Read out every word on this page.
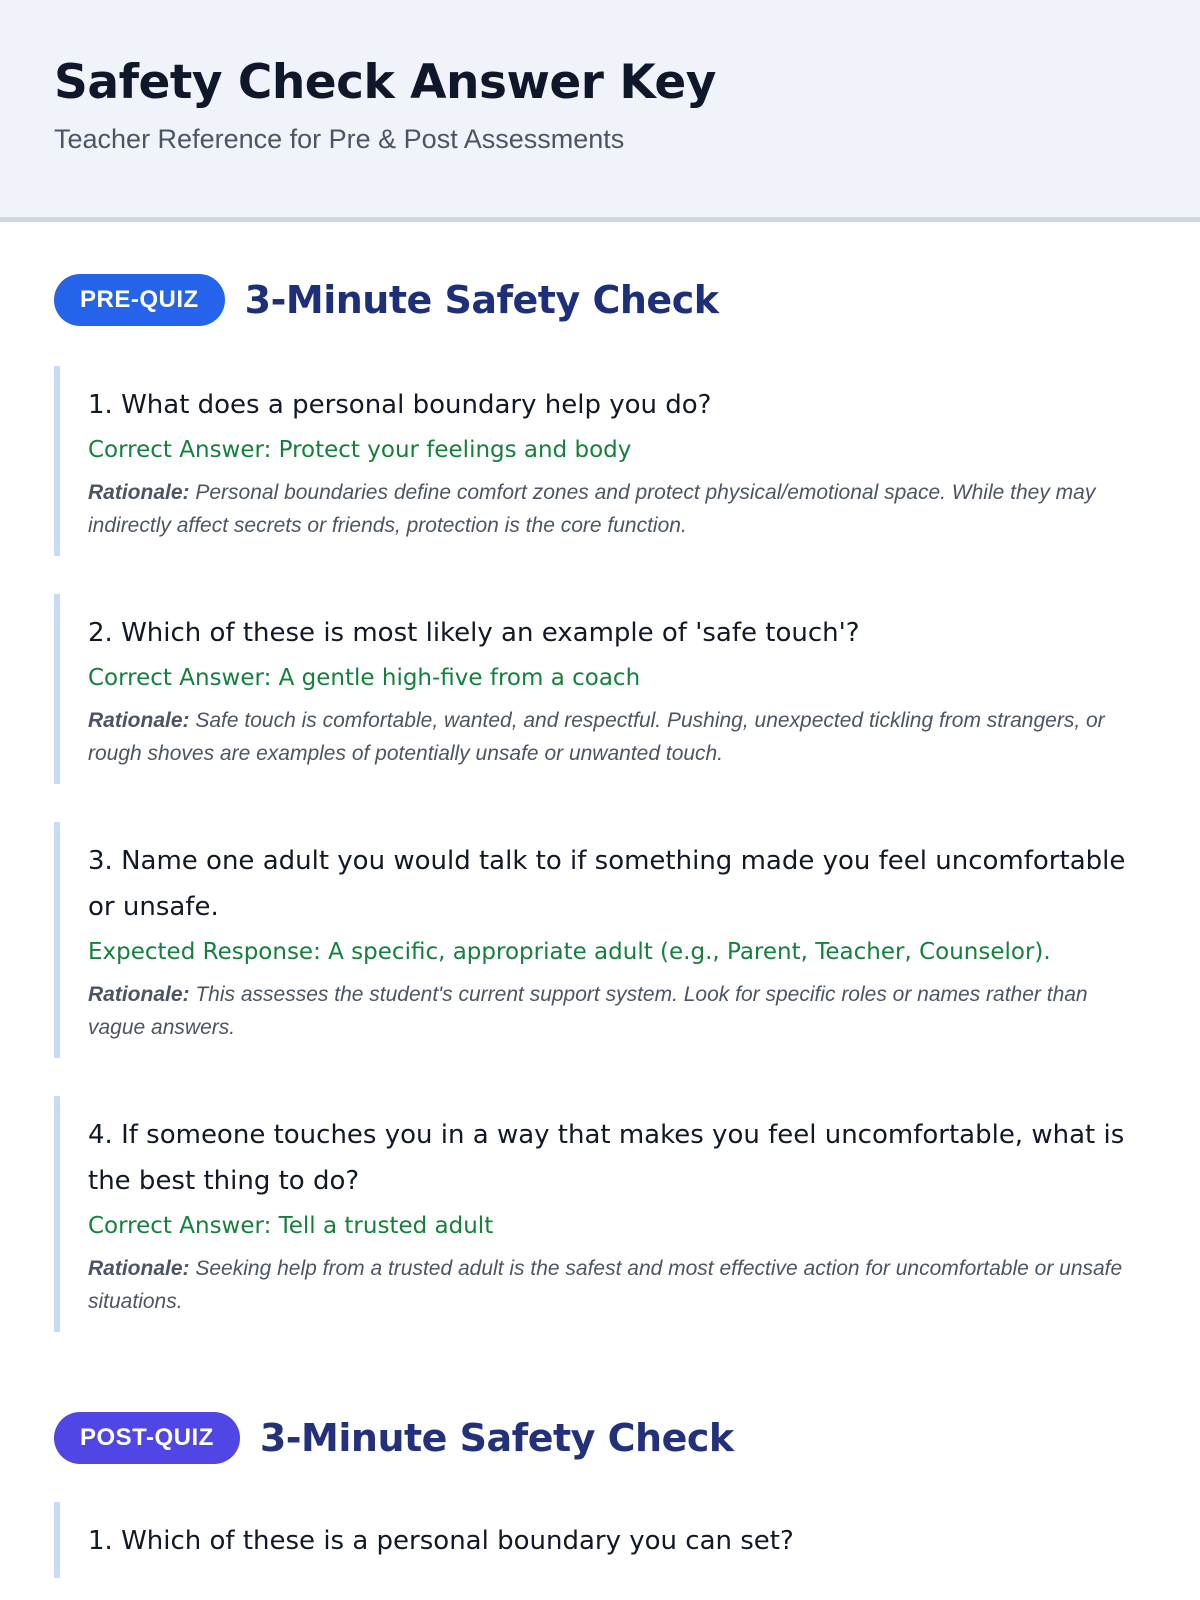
Safety Check Answer Key
Teacher Reference for Pre & Post Assessments
PRE-QUIZ	3-Minute Safety Check
1. What does a personal boundary help you do?
Correct Answer: Protect your feelings and body
Rationale: Personal boundaries define comfort zones and protect physical/emotional space. While they may indirectly affect secrets or friends, protection is the core function.
2. Which of these is most likely an example of 'safe touch'?
Correct Answer: A gentle high-five from a coach
Rationale: Safe touch is comfortable, wanted, and respectful. Pushing, unexpected tickling from strangers, or rough shoves are examples of potentially unsafe or unwanted touch.
3. Name one adult you would talk to if something made you feel uncomfortable or unsafe.
Expected Response: A specific, appropriate adult (e.g., Parent, Teacher, Counselor).
Rationale: This assesses the student's current support system. Look for specific roles or names rather than vague answers.
4. If someone touches you in a way that makes you feel uncomfortable, what is the best thing to do?
Correct Answer: Tell a trusted adult
Rationale: Seeking help from a trusted adult is the safest and most effective action for uncomfortable or unsafe situations.
POST-QUIZ	3-Minute Safety Check
1. Which of these is a personal boundary you can set?
